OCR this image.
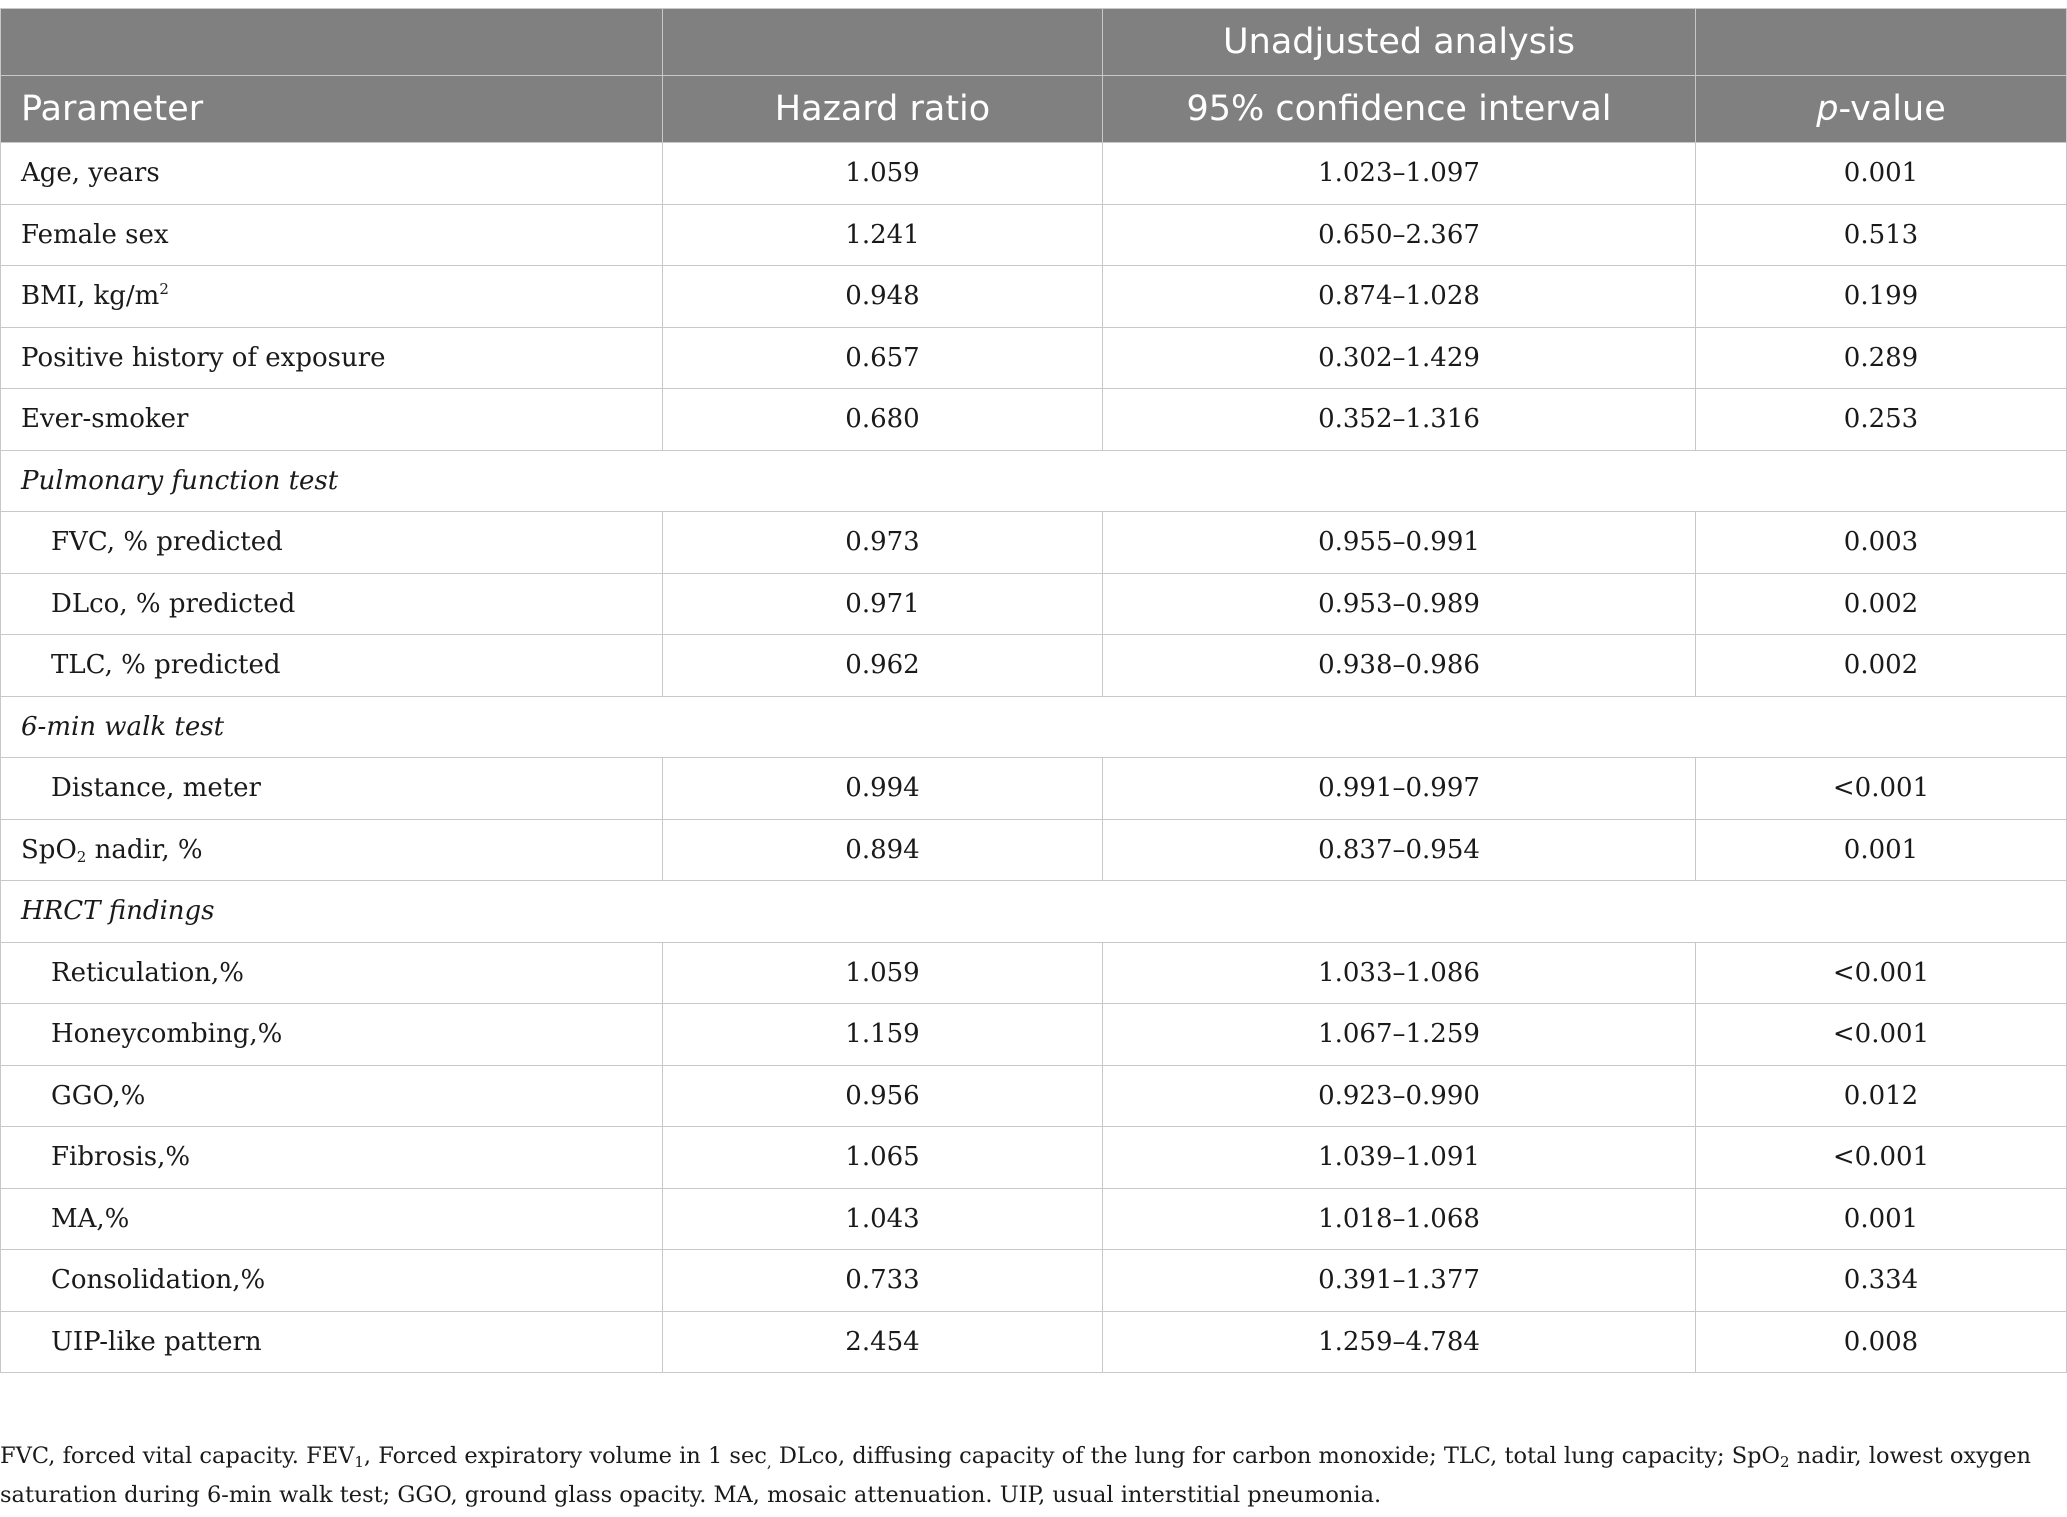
		Unadjusted analysis	
Parameter	Hazard ratio	95% confidence interval	p-value
Age, years	1.059	1.023–1.097	0.001
Female sex	1.241	0.650–2.367	0.513
BMI, $kg/m^2$	0.948	0.874–1.028	0.199
Positive history of exposure	0.657	0.302–1.429	0.289
Ever-smoker	0.680	0.352–1.316	0.253
Pulmonary function test			
FVC, % predicted	0.973	0.955–0.991	0.003
DLco, % predicted	0.971	0.953–0.989	0.002
TLC, % predicted	0.962	0.938–0.986	0.002
6-min walk test			
Distance, meter	0.994	0.991–0.997	<0.001
SpO$_2$ nadir, %	0.894	0.837–0.954	0.001
HRCT findings			
Reticulation,%	1.059	1.033–1.086	<0.001
Honeycombing,%	1.159	1.067–1.259	<0.001
GGO,%	0.956	0.923–0.990	0.012
Fibrosis,%	1.065	1.039–1.091	<0.001
MA,%	1.043	1.018–1.068	0.001
Consolidation,%	0.733	0.391–1.377	0.334
UIP-like pattern	2.454	1.259–4.784	0.008
FVC, forced vital capacity. $FEV_1$, Forced expiratory volume in 1 $\sec_,$ DLco, diffusing capacity of the lung for carbon monoxide; TLC, total lung capacity; SpO$_2$ nadir, lowest oxygen saturation during 6-min walk test; GGO, ground glass opacity. MA, mosaic attenuation. UIP, usual interstitial pneumonia.
